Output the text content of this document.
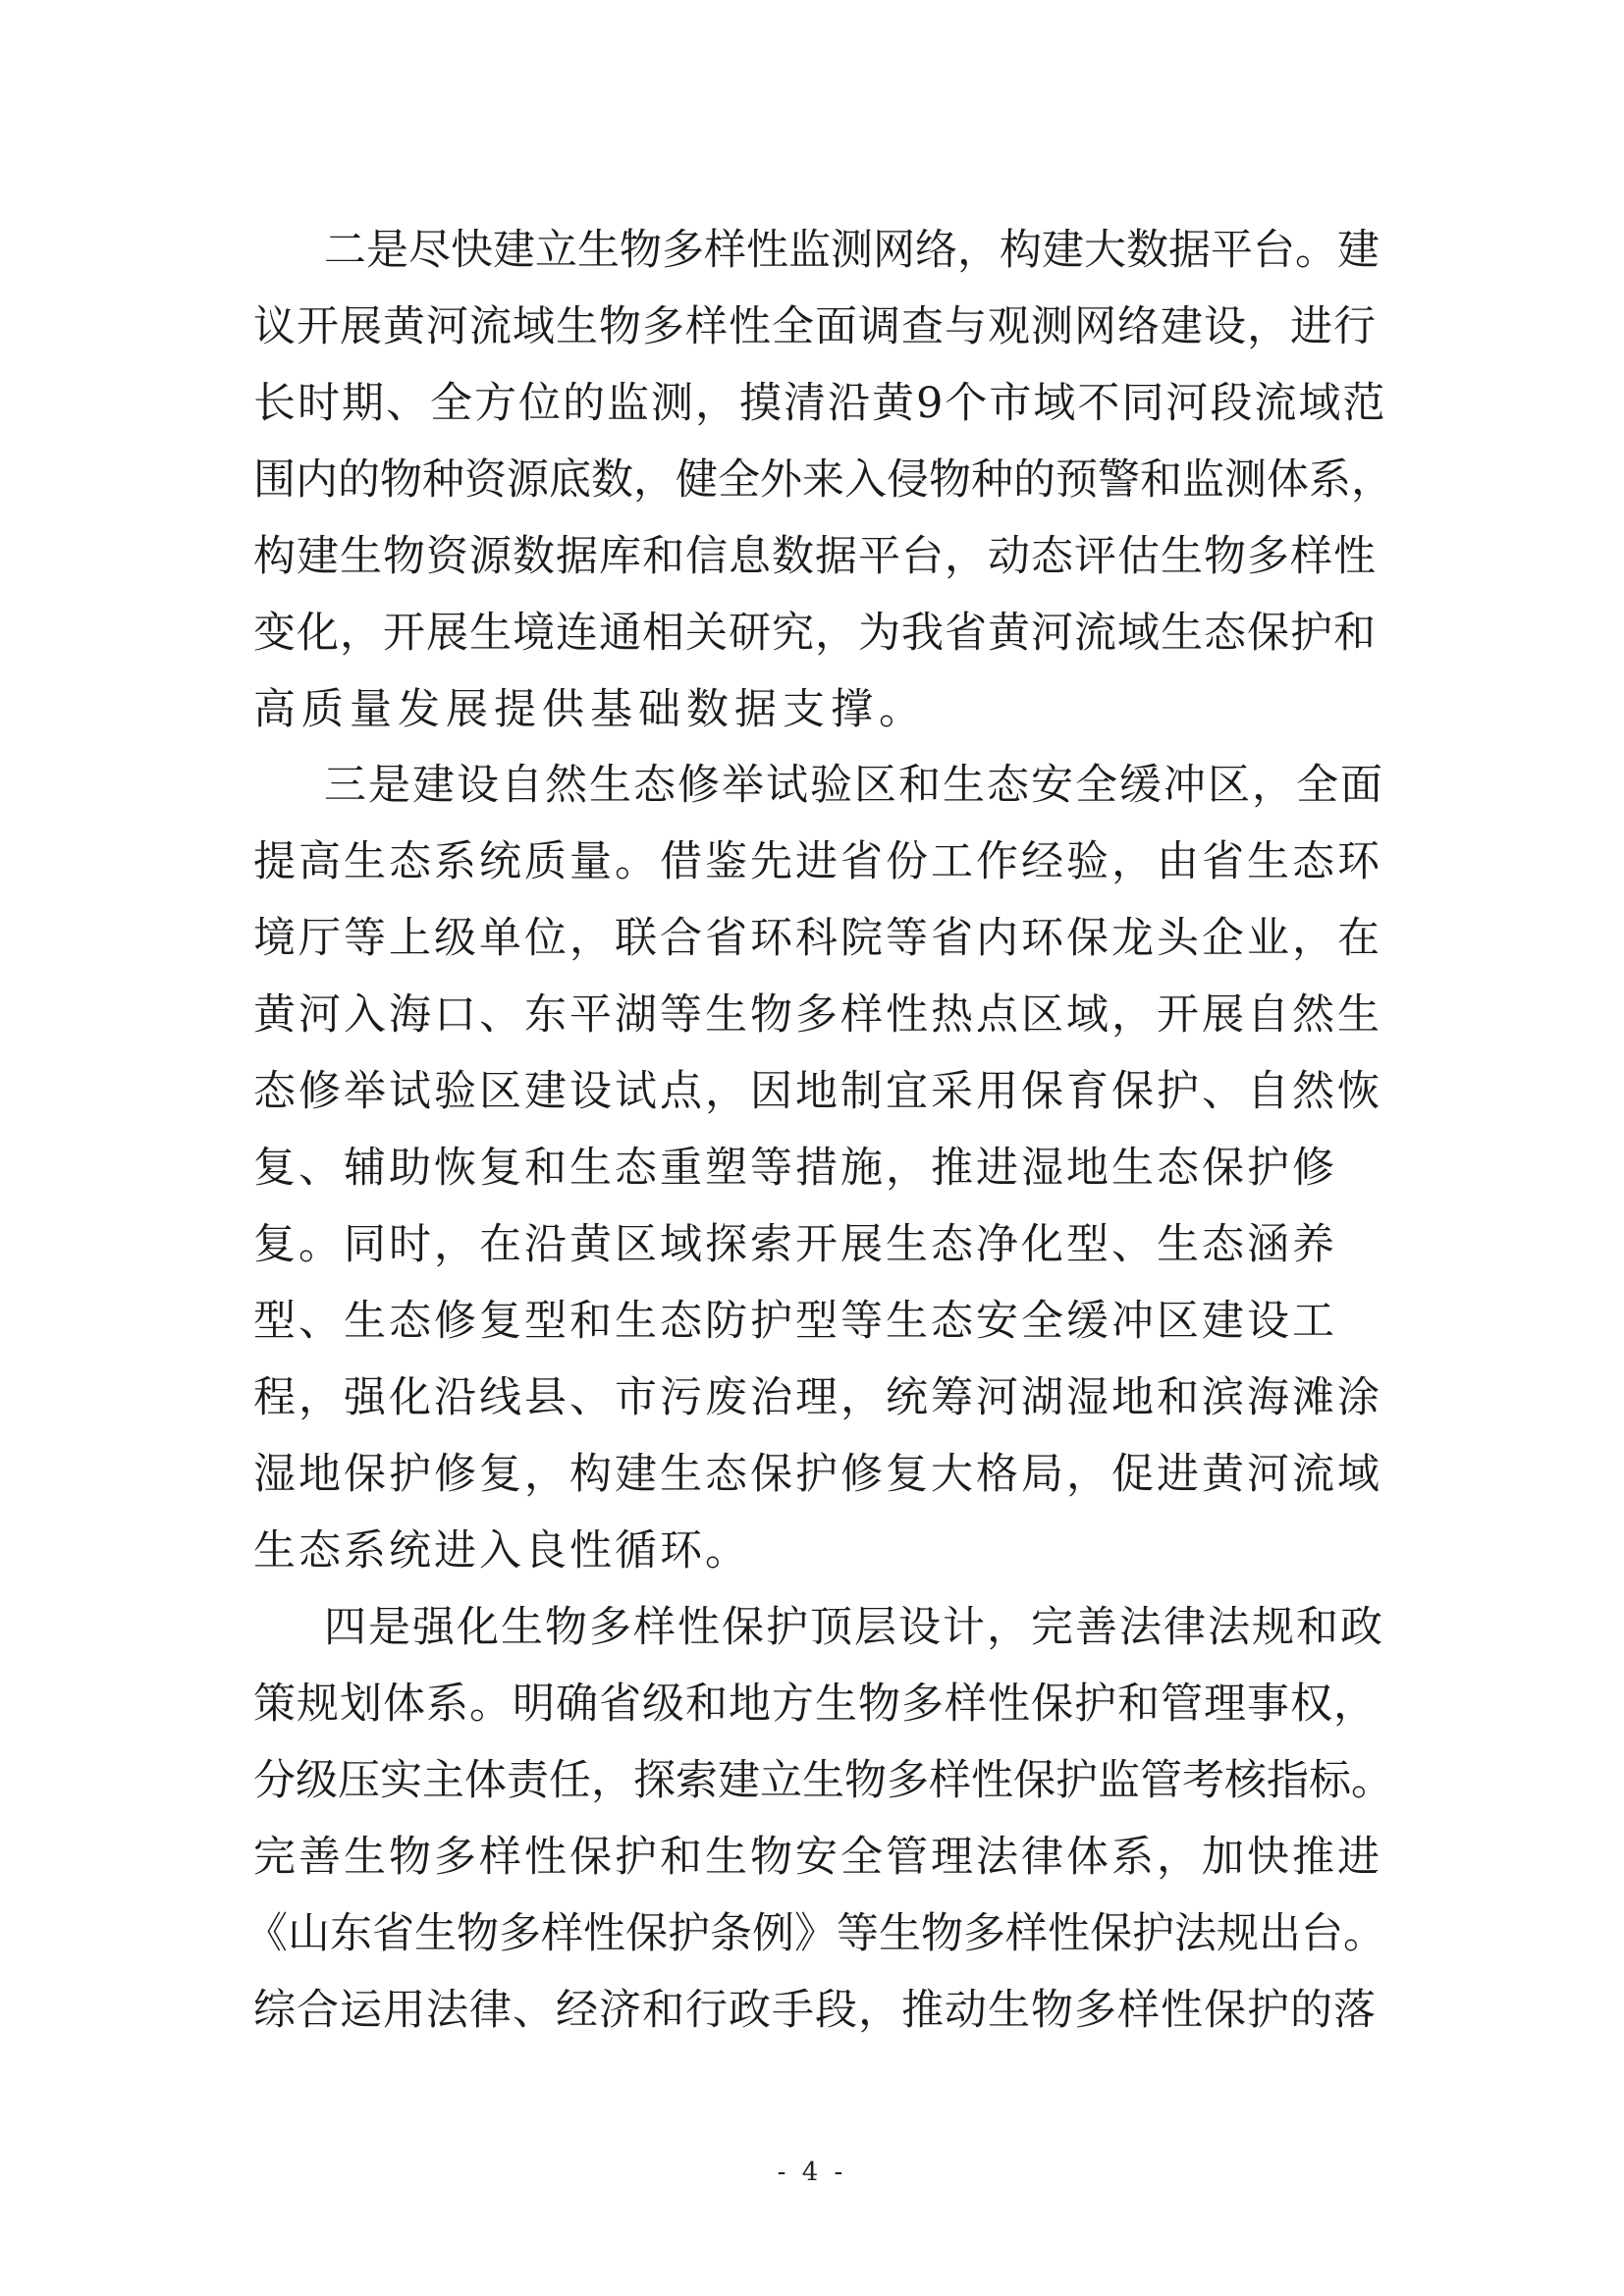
二是尽快建立生物多样性监测网络，构建大数据平台。建
议开展黄河流域生物多样性全面调查与观测网络建设，进行
长时期、全方位的监测，摸清沿黄9个市域不同河段流域范
围内的物种资源底数，健全外来入侵物种的预警和监测体系，
构建生物资源数据库和信息数据平台，动态评估生物多样性
变化，开展生境连通相关研究，为我省黄河流域生态保护和
高质量发展提供基础数据支撑。
三是建设自然生态修举试验区和生态安全缓冲区，全面
提高生态系统质量。借鉴先进省份工作经验，由省生态环
境厅等上级单位，联合省环科院等省内环保龙头企业，在
黄河入海口、东平湖等生物多样性热点区域，开展自然生
态修举试验区建设试点，因地制宜采用保育保护、自然恢
复、辅助恢复和生态重塑等措施，推进湿地生态保护修
复。同时，在沿黄区域探索开展生态净化型、生态涵养
型、生态修复型和生态防护型等生态安全缓冲区建设工
程，强化沿线县、市污废治理，统筹河湖湿地和滨海滩涂
湿地保护修复，构建生态保护修复大格局，促进黄河流域
生态系统进入良性循环。
四是强化生物多样性保护顶层设计，完善法律法规和政
策规划体系。明确省级和地方生物多样性保护和管理事权，
分级压实主体责任，探索建立生物多样性保护监管考核指标。
完善生物多样性保护和生物安全管理法律体系，加快推进
《山东省生物多样性保护条例》等生物多样性保护法规出台。
综合运用法律、经济和行政手段，推动生物多样性保护的落
- 4 -
